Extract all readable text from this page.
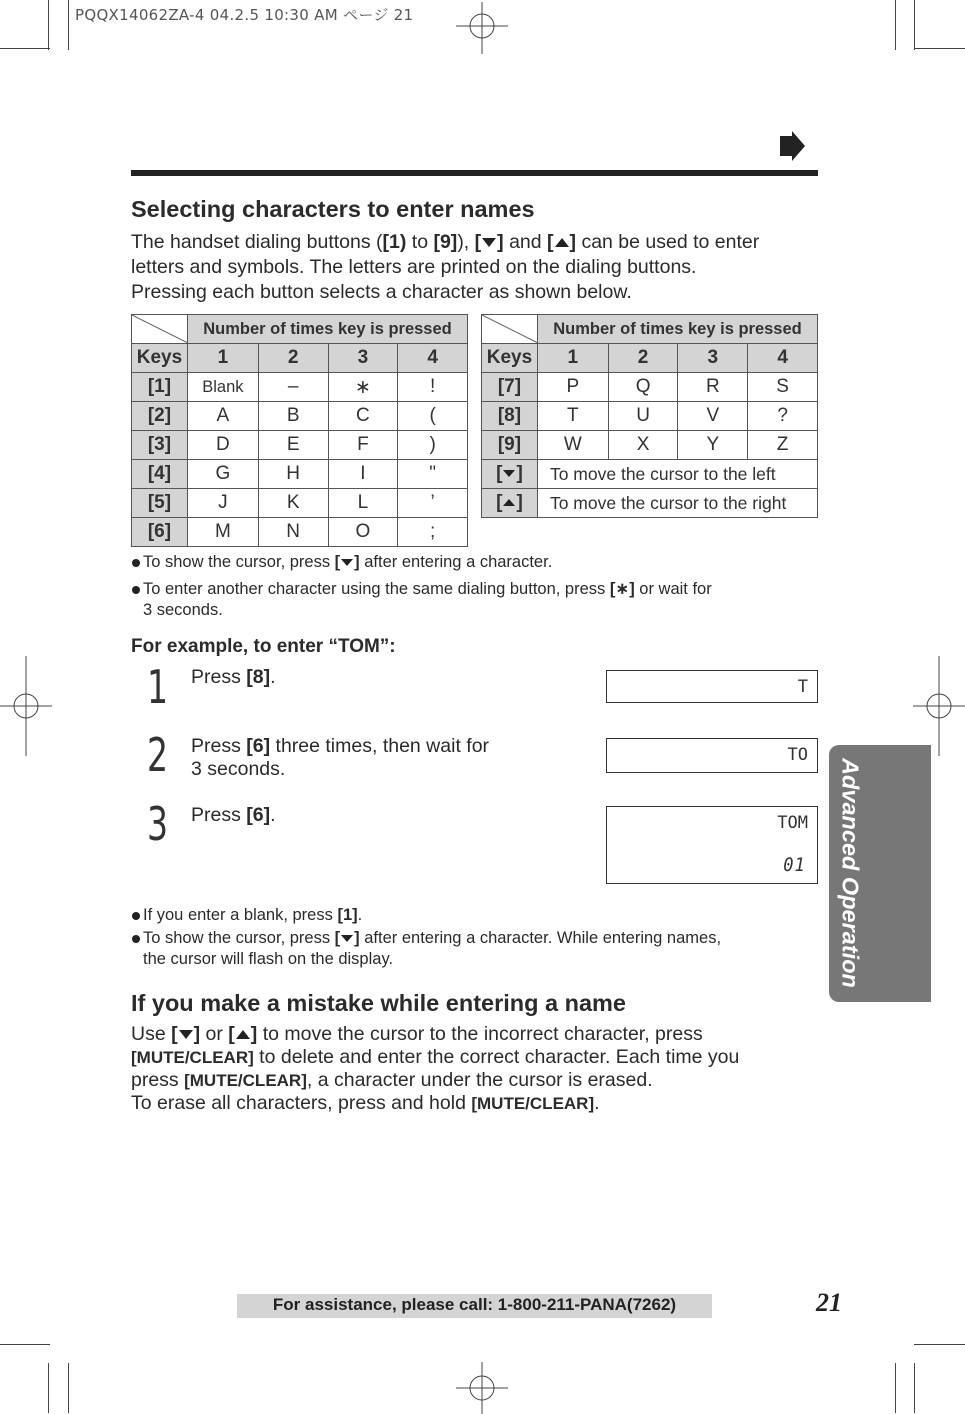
PQQX14062ZA-4 04.2.5 10:30 AM ページ 21
Selecting characters to enter names
The handset dialing buttons ([1) to [9]), [ ] and [ ] can be used to enter
letters and symbols. The letters are printed on the dialing buttons.
Pressing each button selects a character as shown below.
	Number of times key is pressed			
Keys	1	2	3	4
[1]	Blank	–	∗	!
[2]	A	B	C	(
[3]	D	E	F	)
[4]	G	H	I	"
[5]	J	K	L	’
[6]	M	N	O	;
	Number of times key is pressed			
Keys	1	2	3	4
[7]	P	Q	R	S
[8]	T	U	V	?
[9]	W	X	Y	Z
[ ]	To move the cursor to the left			
[ ]	To move the cursor to the right			
To show the cursor, press [ ] after entering a character.
To enter another character using the same dialing button, press [∗] or wait for
3 seconds.
For example, to enter “TOM”:
1 Press [8].	T
2 Press [6] three times, then wait for
3 seconds.
TO
3 Press [6].	TOM
01
If you enter a blank, press [1].
To show the cursor, press [ ] after entering a character. While entering names,
the cursor will flash on the display.
If you make a mistake while entering a name
Use [ ] or [ ] to move the cursor to the incorrect character, press
[MUTE/CLEAR] to delete and enter the correct character. Each time you
press [MUTE/CLEAR], a character under the cursor is erased.
To erase all characters, press and hold [MUTE/CLEAR].
Advanced Operation
For assistance, please call: 1-800-211-PANA(7262)	21
